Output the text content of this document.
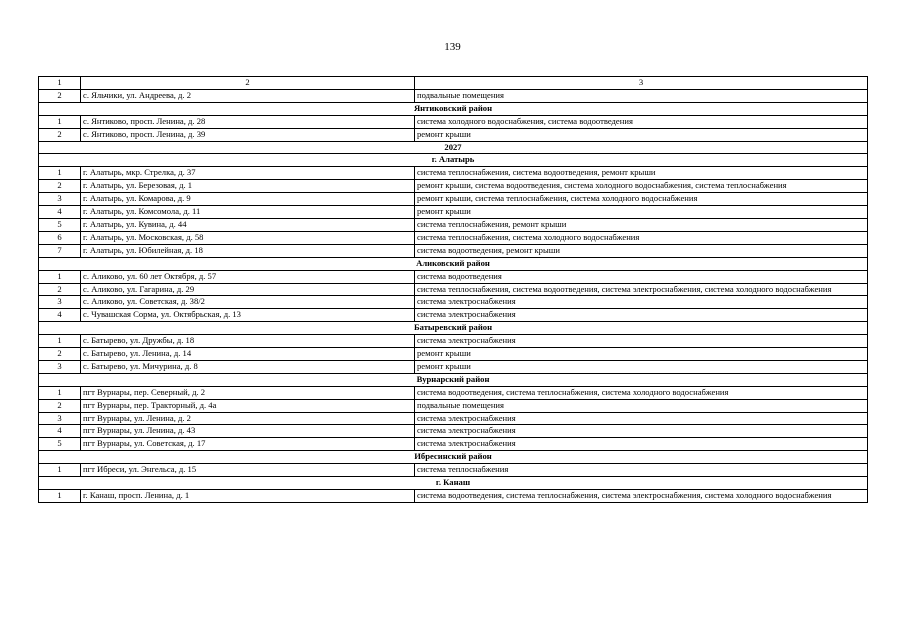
139
1	2	3
2	с. Яльчики, ул. Андреева, д. 2	подвальные помещения
Янтиковский район		
1	с. Янтиково, просп. Ленина, д. 28	система холодного водоснабжения, система водоотведения
2	с. Янтиково, просп. Ленина, д. 39	ремонт крыши
2027		
г. Алатырь		
1	г. Алатырь, мкр. Стрелка, д. 37	система теплоснабжения, система водоотведения, ремонт крыши
2	г. Алатырь, ул. Березовая, д. 1	ремонт крыши, система водоотведения, система холодного водоснабжения, система теплоснабжения
3	г. Алатырь, ул. Комарова, д. 9	ремонт крыши, система теплоснабжения, система холодного водоснабжения
4	г. Алатырь, ул. Комсомола, д. 11	ремонт крыши
5	г. Алатырь, ул. Кувина, д. 44	система теплоснабжения, ремонт крыши
6	г. Алатырь, ул. Московская, д. 58	система теплоснабжения, система холодного водоснабжения
7	г. Алатырь, ул. Юбилейная, д. 18	система водоотведения, ремонт крыши
Аликовский район		
1	с. Аликово, ул. 60 лет Октября, д. 57	система водоотведения
2	с. Аликово, ул. Гагарина, д. 29	система теплоснабжения, система водоотведения, система электроснабжения, система холодного водоснабжения
3	с. Аликово, ул. Советская, д. 38/2	система электроснабжения
4	с. Чувашская Сорма, ул. Октябрьская, д. 13	система электроснабжения
Батыревский район		
1	с. Батырево, ул. Дружбы, д. 18	система электроснабжения
2	с. Батырево, ул. Ленина, д. 14	ремонт крыши
3	с. Батырево, ул. Мичурина, д. 8	ремонт крыши
Вурнарский район		
1	пгт Вурнары, пер. Северный, д. 2	система водоотведения, система теплоснабжения, система холодного водоснабжения
2	пгт Вурнары, пер. Тракторный, д. 4а	подвальные помещения
3	пгт Вурнары, ул. Ленина, д. 2	система электроснабжения
4	пгт Вурнары, ул. Ленина, д. 43	система электроснабжения
5	пгт Вурнары, ул. Советская, д. 17	система электроснабжения
Ибресинский район		
1	пгт Ибреси, ул. Энгельса, д. 15	система теплоснабжения
г. Канаш		
1	г. Канаш, просп. Ленина, д. 1	система водоотведения, система теплоснабжения, система электроснабжения, система холодного водоснабжения
